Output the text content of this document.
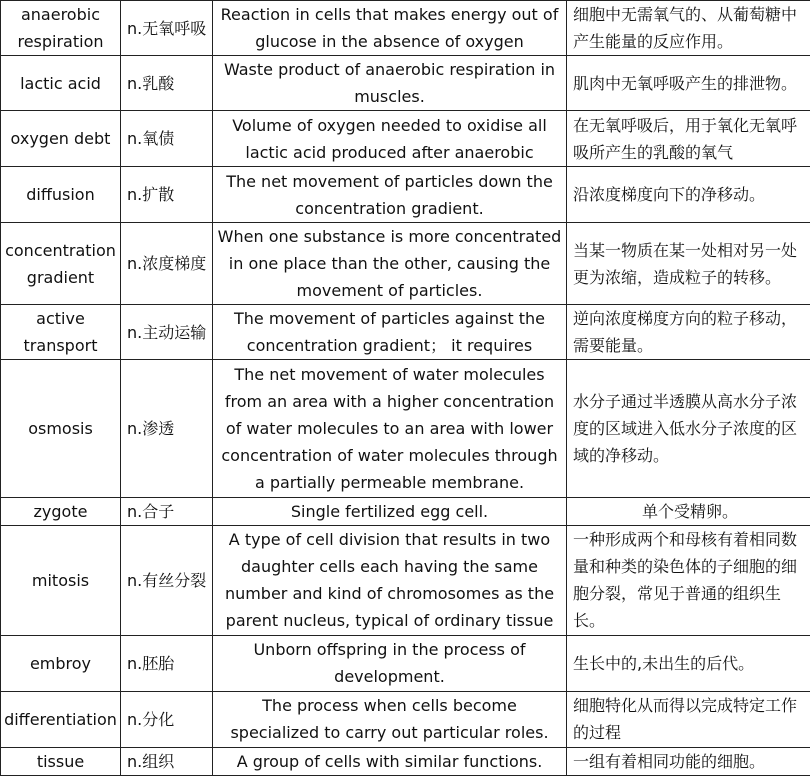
anaerobic respiration	n.无氧呼吸	Reaction in cells that makes energy out of glucose in the absence of oxygen	细胞中无需氧气的、从葡萄糖中产生能量的反应作用。
lactic acid	n.乳酸	Waste product of anaerobic respiration in muscles.	肌肉中无氧呼吸产生的排泄物。
oxygen debt	n.氧债	Volume of oxygen needed to oxidise all lactic acid produced after anaerobic	在无氧呼吸后，用于氧化无氧呼吸所产生的乳酸的氧气
diffusion	n.扩散	The net movement of particles down the concentration gradient.	沿浓度梯度向下的净移动。
concentration gradient	n.浓度梯度	When one substance is more concentrated in one place than the other, causing the movement of particles.	当某一物质在某一处相对另一处更为浓缩，造成粒子的转移。
active transport	n.主动运输	The movement of particles against the concentration gradient； it requires	逆向浓度梯度方向的粒子移动，需要能量。
osmosis	n.渗透	The net movement of water molecules from an area with a higher concentration of water molecules to an area with lower concentration of water molecules through a partially permeable membrane.	水分子通过半透膜从高水分子浓度的区域进入低水分子浓度的区域的净移动。
zygote	n.合子	Single fertilized egg cell.	单个受精卵。
mitosis	n.有丝分裂	A type of cell division that results in two daughter cells each having the same number and kind of chromosomes as the parent nucleus, typical of ordinary tissue	一种形成两个和母核有着相同数量和种类的染色体的子细胞的细胞分裂，常见于普通的组织生长。
embroy	n.胚胎	Unborn offspring in the process of development.	生长中的,未出生的后代。
differentiation	n.分化	The process when cells become specialized to carry out particular roles.	细胞特化从而得以完成特定工作的过程
tissue	n.组织	A group of cells with similar functions.	一组有着相同功能的细胞。
